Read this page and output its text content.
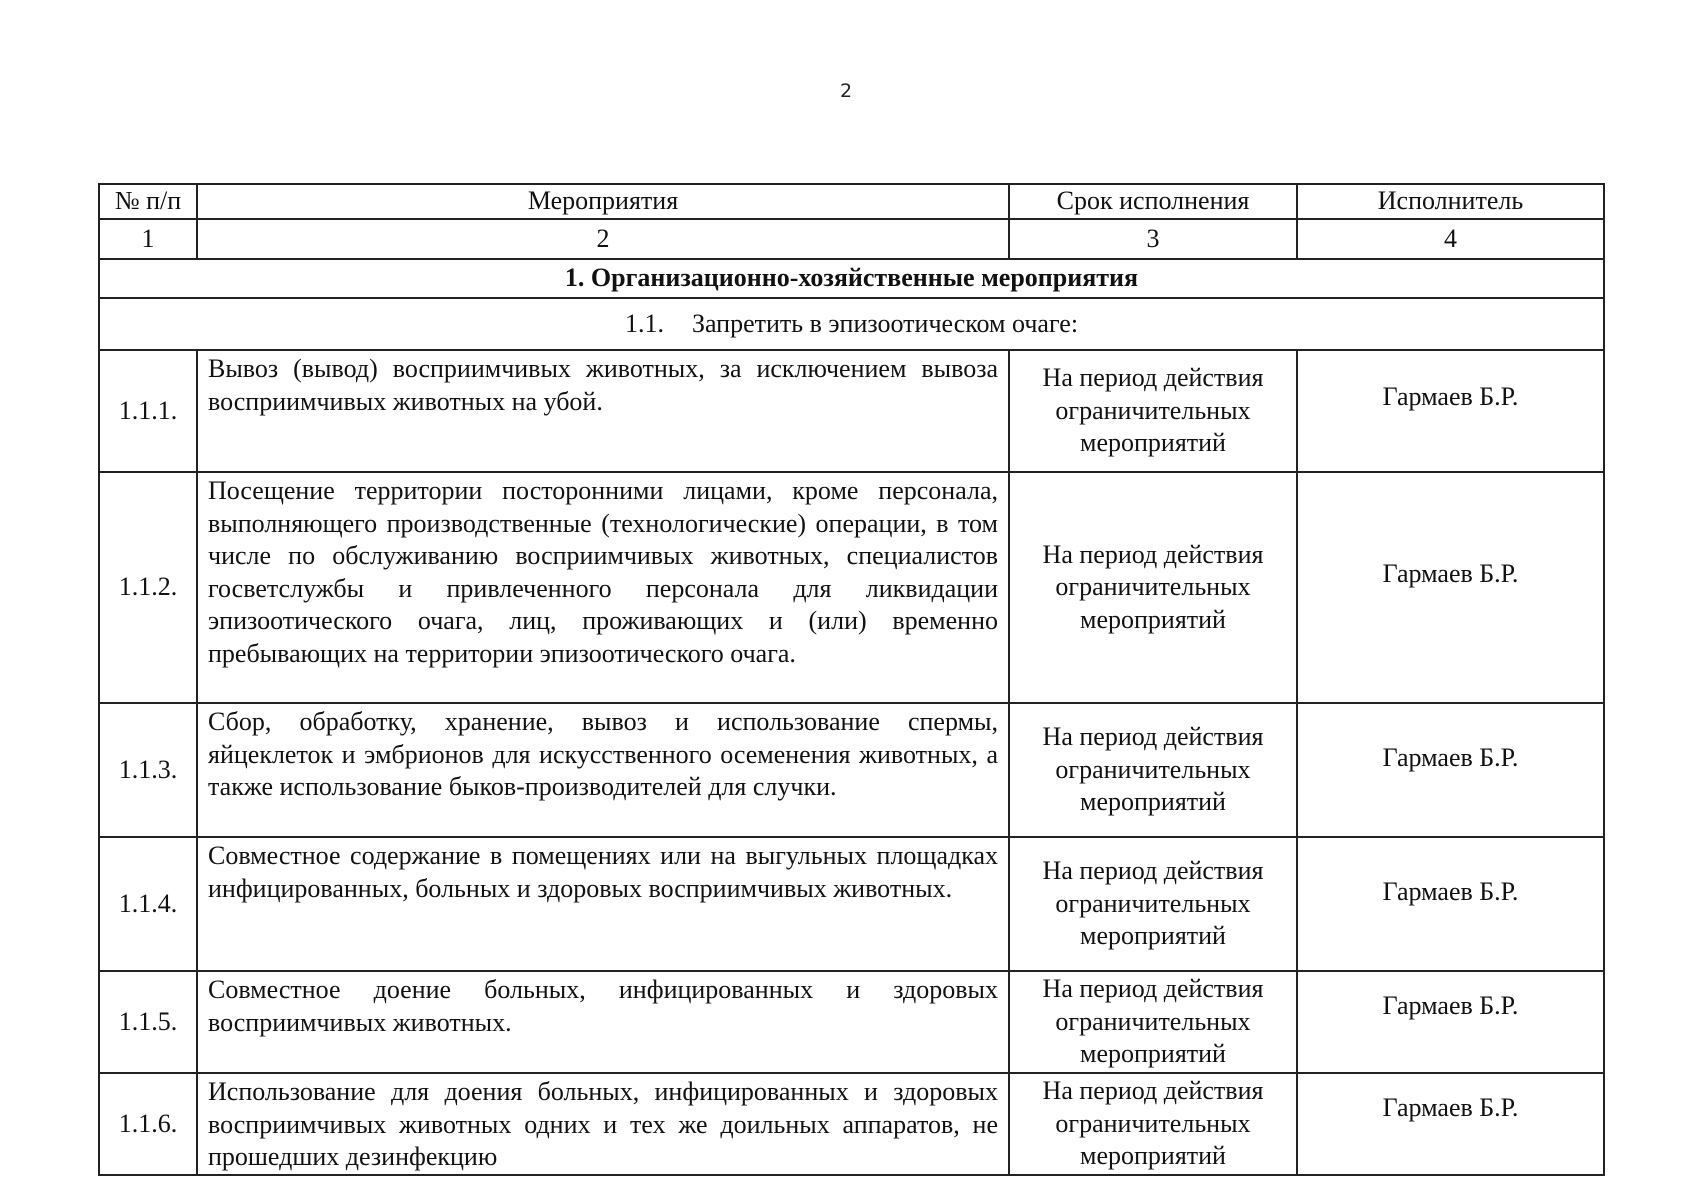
2
№ п/п	Мероприятия	Срок исполнения	Исполнитель
1	2	3	4
1. Организационно-хозяйственные мероприятия			
1.1. Запретить в эпизоотическом очаге:			
1.1.1.	Вывоз (вывод) восприимчивых животных, за исключением вывоза восприимчивых животных на убой.	На период действия ограничительных мероприятий	Гармаев Б.Р.

1.1.2.	Посещение территории посторонними лицами, кроме персонала, выполняющего производственные (технологические) операции, в том числе по обслуживанию восприимчивых животных, специалистов госветслужбы и привлеченного персонала для ликвидации эпизоотического очага, лиц, проживающих и (или) временно пребывающих на территории эпизоотического очага.	На период действия ограничительных мероприятий	Гармаев Б.Р.

1.1.3.	Сбор, обработку, хранение, вывоз и использование спермы, яйцеклеток и эмбрионов для искусственного осеменения животных, а также использование быков-производителей для случки.	На период действия ограничительных мероприятий	Гармаев Б.Р.

1.1.4.	Совместное содержание в помещениях или на выгульных площадках инфицированных, больных и здоровых восприимчивых животных.	На период действия ограничительных мероприятий	Гармаев Б.Р.

1.1.5.	Совместное доение больных, инфицированных и здоровых восприимчивых животных.	На период действия ограничительных мероприятий	Гармаев Б.Р.

1.1.6.	Использование для доения больных, инфицированных и здоровых восприимчивых животных одних и тех же доильных аппаратов, не прошедших дезинфекцию	На период действия ограничительных мероприятий	Гармаев Б.Р.
